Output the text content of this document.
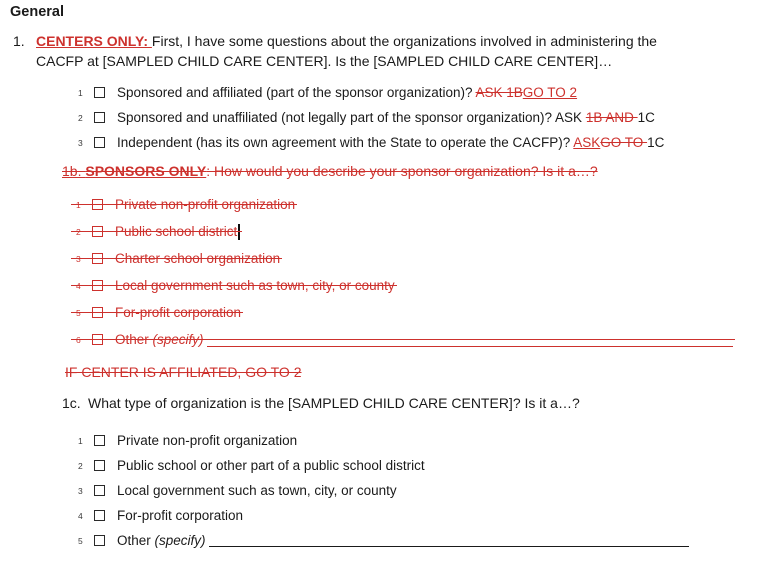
General
1. CENTERS ONLY: First, I have some questions about the organizations involved in administering the CACFP at [SAMPLED CHILD CARE CENTER]. Is the [SAMPLED CHILD CARE CENTER]…
1	Sponsored and affiliated (part of the sponsor organization)? ASK 1BGO TO 2
2	Sponsored and unaffiliated (not legally part of the sponsor organization)? ASK 1B AND 1C
3	Independent (has its own agreement with the State to operate the CACFP)? ASKGO TO 1C
1b. SPONSORS ONLY: How would you describe your sponsor organization? Is it a…?
1	Private non-profit organization
2	Public school district
3	Charter school organization
4	Local government such as town, city, or county
5	For-profit corporation
6	Other (specify)
IF CENTER IS AFFILIATED, GO TO 2
1c. What type of organization is the [SAMPLED CHILD CARE CENTER]? Is it a…?
1	Private non-profit organization
2	Public school or other part of a public school district
3	Local government such as town, city, or county
4	For-profit corporation
5	Other (specify)
